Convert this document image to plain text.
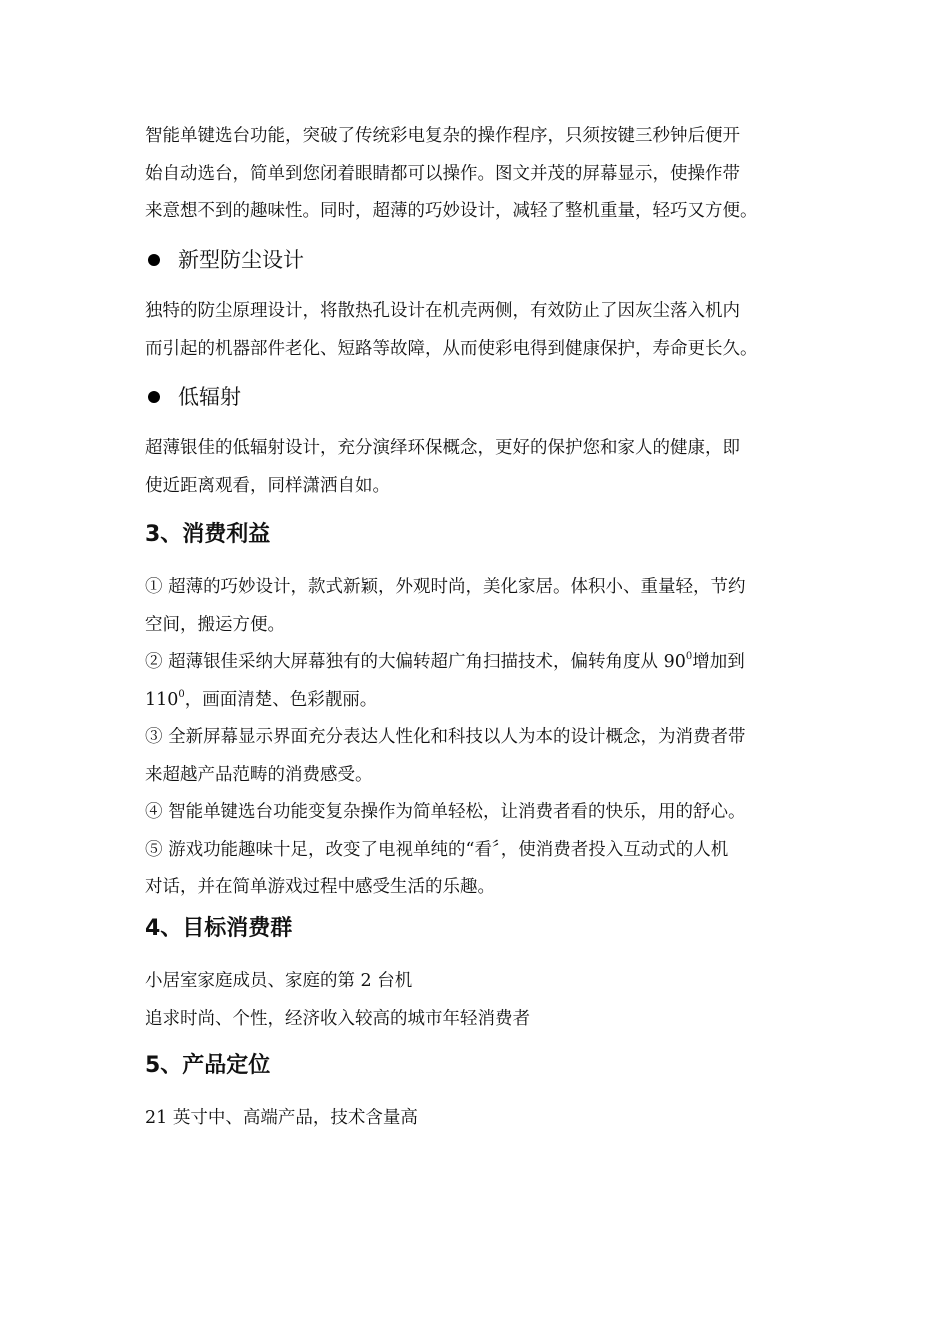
智能单键选台功能，突破了传统彩电复杂的操作程序，只须按键三秒钟后便开
始自动选台，简单到您闭着眼睛都可以操作。图文并茂的屏幕显示，使操作带
来意想不到的趣味性。同时，超薄的巧妙设计，减轻了整机重量，轻巧又方便。

新型防尘设计

独特的防尘原理设计，将散热孔设计在机壳两侧，有效防止了因灰尘落入机内
而引起的机器部件老化、短路等故障，从而使彩电得到健康保护，寿命更长久。

低辐射

超薄银佳的低辐射设计，充分演绎环保概念，更好的保护您和家人的健康，即
使近距离观看，同样潇洒自如。

3、消费利益

① 超薄的巧妙设计，款式新颖，外观时尚，美化家居。体积小、重量轻，节约
空间，搬运方便。
② 超薄银佳采纳大屏幕独有的大偏转超广角扫描技术，偏转角度从 $90^0$增加到
$110^0$，画面清楚、色彩靓丽。
③ 全新屏幕显示界面充分表达人性化和科技以人为本的设计概念，为消费者带
来超越产品范畴的消费感受。
④ 智能单键选台功能变复杂操作为简单轻松，让消费者看的快乐，用的舒心。
⑤ 游戏功能趣味十足，改变了电视单纯的“看〞，使消费者投入互动式的人机
对话，并在简单游戏过程中感受生活的乐趣。

4、目标消费群

小居室家庭成员、家庭的第 2 台机
追求时尚、个性，经济收入较高的城市年轻消费者

5、产品定位

21 英寸中、高端产品，技术含量高
